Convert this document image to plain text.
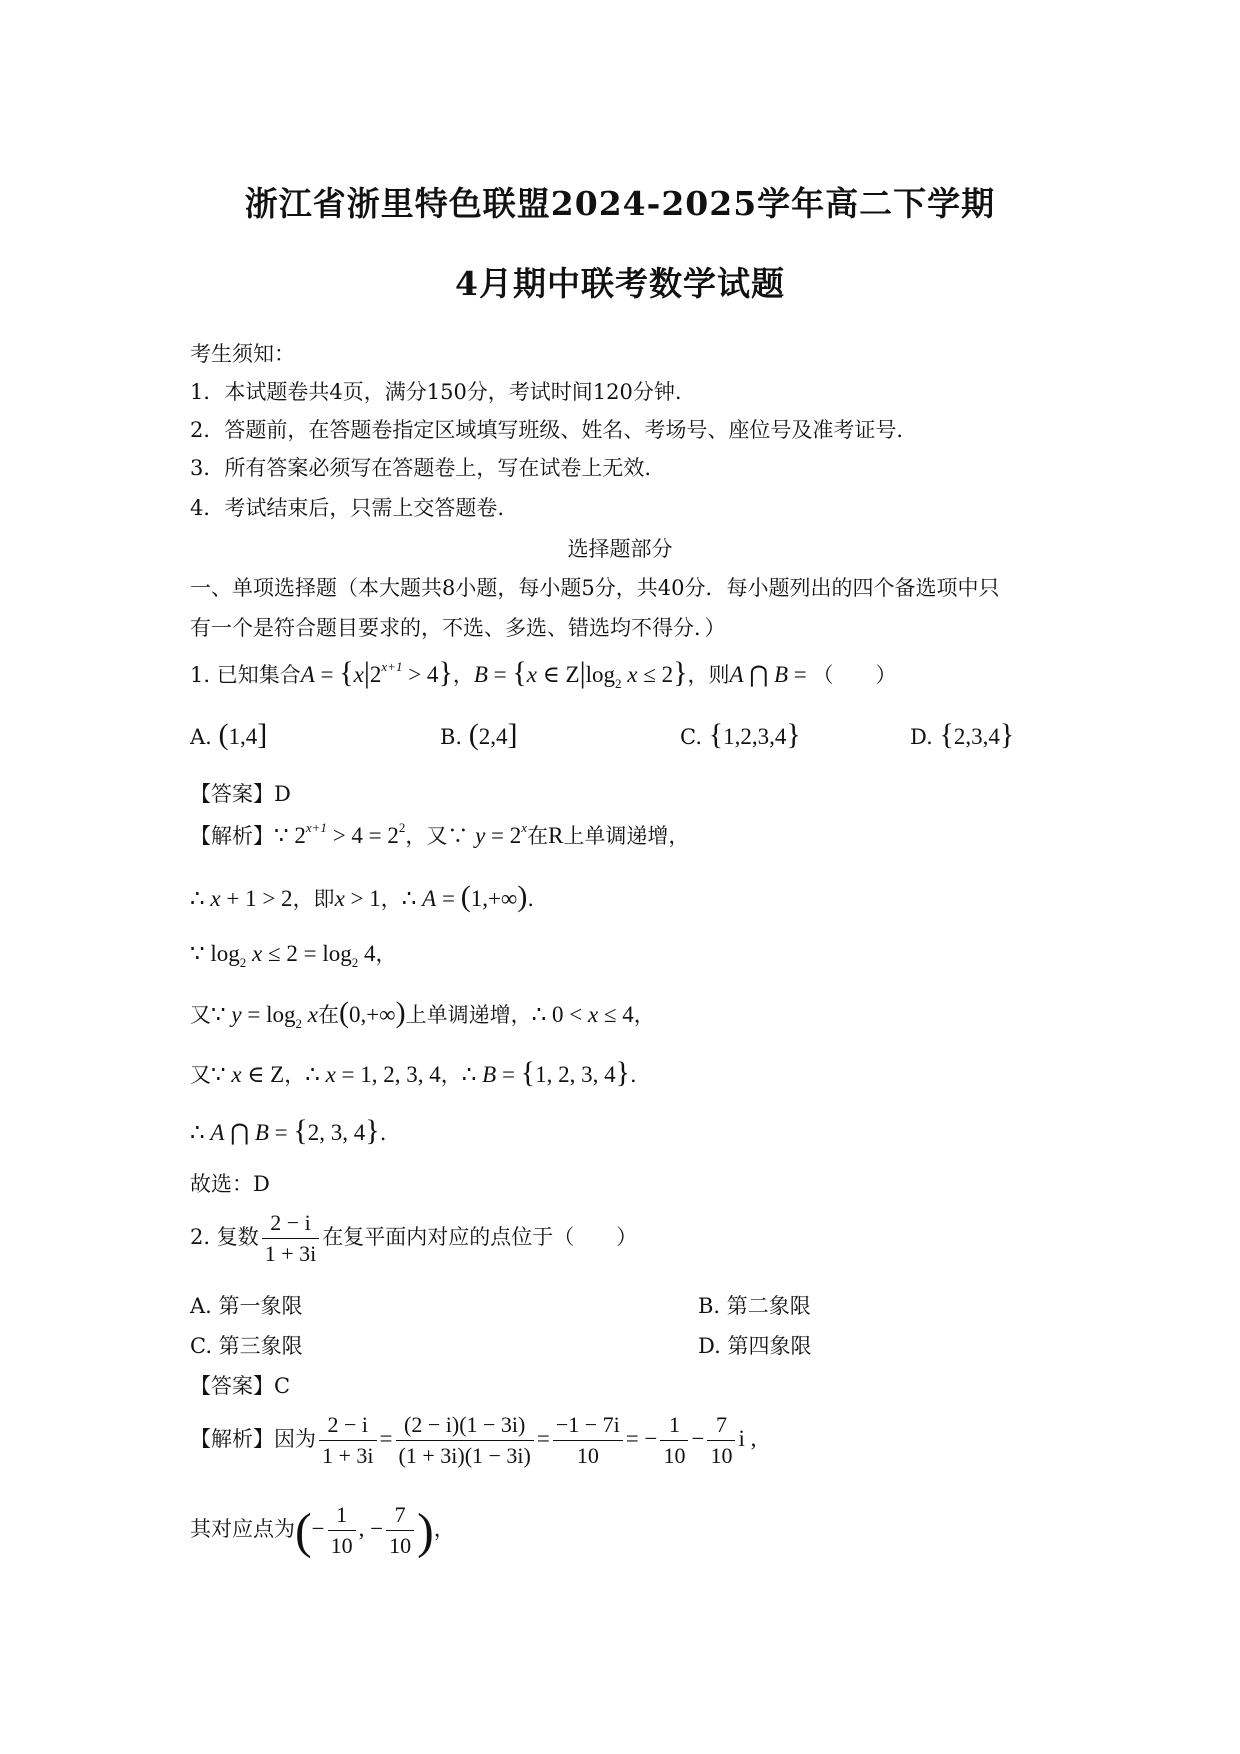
浙江省浙里特色联盟2024-2025学年高二下学期
4月期中联考数学试题
考生须知：
1．本试题卷共4页，满分150分，考试时间120分钟.
2．答题前，在答题卷指定区域填写班级、姓名、考场号、座位号及准考证号.
3．所有答案必须写在答题卷上，写在试卷上无效.
4．考试结束后，只需上交答题卷.
选择题部分
一、单项选择题（本大题共8小题，每小题5分，共40分．每小题列出的四个备选项中只
有一个是符合题目要求的，不选、多选、错选均不得分．）
1. 已知集合$A = \{x|2^{x+1} > 4\}$，B = {x ∈ $Z|\log_2$ x ≤ 2}，则A ⋂ B = （　　）
A. (1,4]	B. (2,4]	C. {1,2,3,4}	D. {2,3,4}
【答案】D
【解析】∵ $2^{x+1} > 4 = 2^2$，又∵ $y = 2^x$在R上单调递增，
∴ x + 1 > 2，即x > 1，∴ A = (1,+∞).
∵ $\log_2 x \le 2 = \log_2 4$，
又∵ $y = \log_2 x$在(0,+∞)上单调递增，∴ 0 < x ≤ 4，
又∵ x ∈ Z，∴ x = 1, 2, 3, 4，∴ B = {1, 2, 3, 4}.
∴ A ⋂ B = {2, 3, 4}.
故选：D
2. 复数 $\frac{2 - i}{1 + 3i}$ 在复平面内对应的点位于（　　）
A. 第一象限	B. 第二象限
C. 第三象限	D. 第四象限
【答案】C
【解析】因为 $\frac{2 - i}{1 + 3i} = \frac{(2 - i)(1 - 3i)}{(1 + 3i)(1 - 3i)} = \frac{-1 - 7i}{10}$ = − $\frac{1}{10} - \frac{7}{10}$ i ,
其对应点为(− $\frac{1}{10}$ , − $\frac{7}{10}$ )，
